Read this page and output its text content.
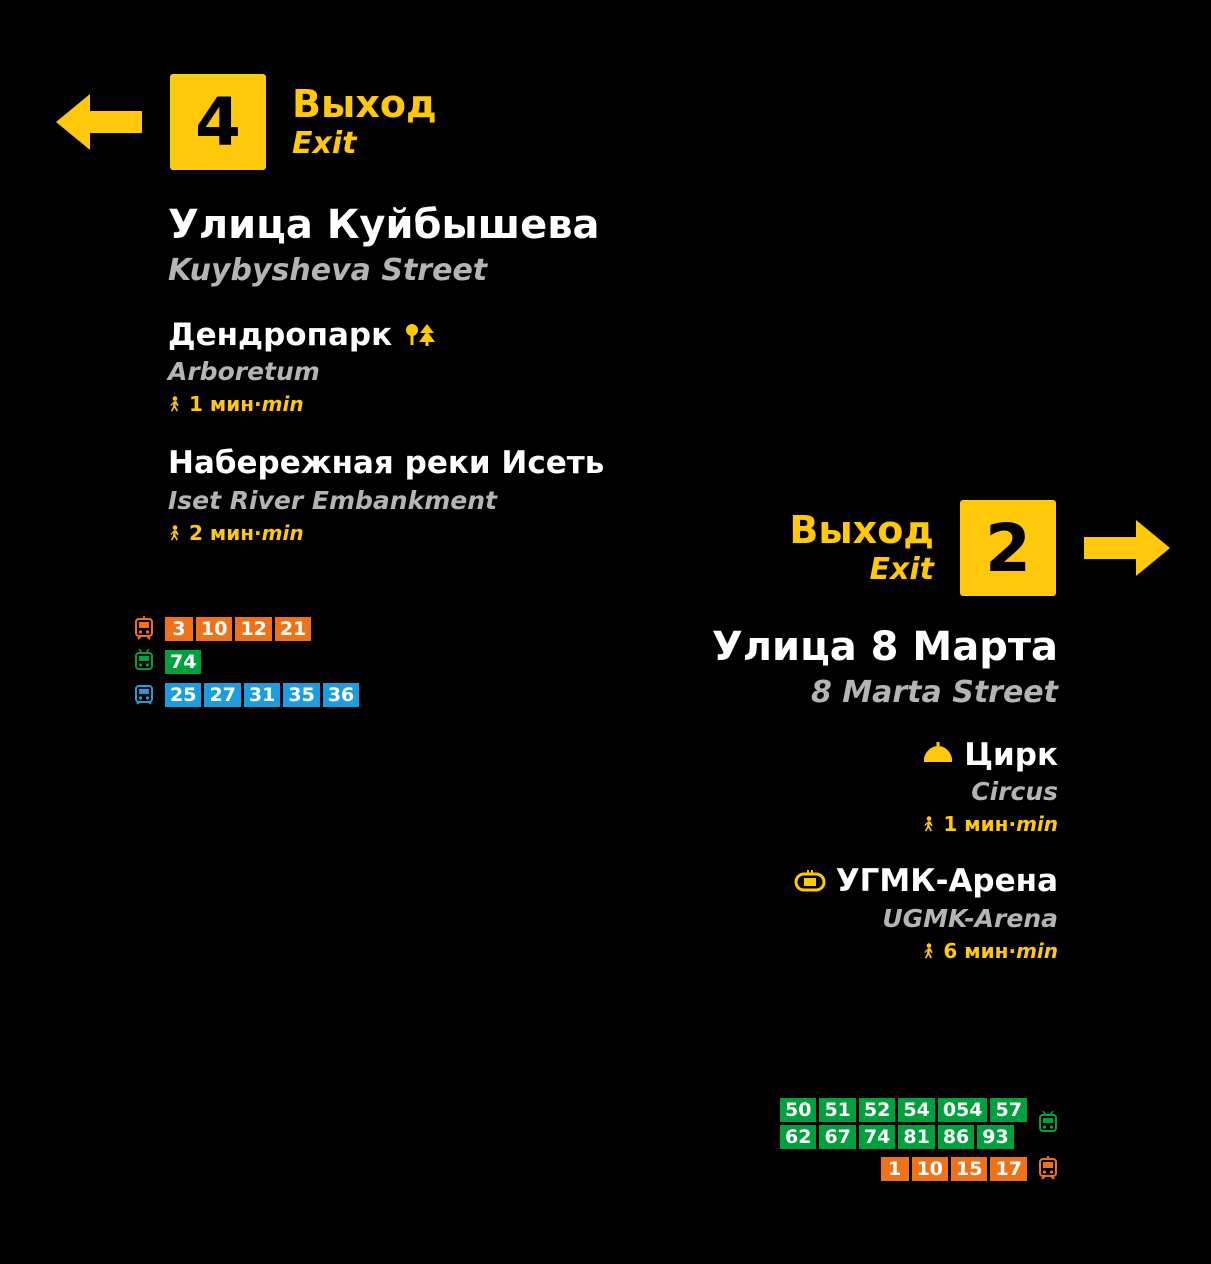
4 Выход
Exit
Улица Куйбышева
Kuybysheva Street
Дендропарк
Arboretum
1 мин·min
Набережная реки Исеть
Iset River Embankment
2 мин·min
3 10 12 21
74
25 27 31 35 36
Выход
Exit 2
Улица 8 Марта
8 Marta Street
Цирк
Circus
1 мин·min
УГМК-Арена
UGMK-Arena
6 мин·min
50 51 52 54 054 57
62 67 74 81 86 93
1 10 15 17
